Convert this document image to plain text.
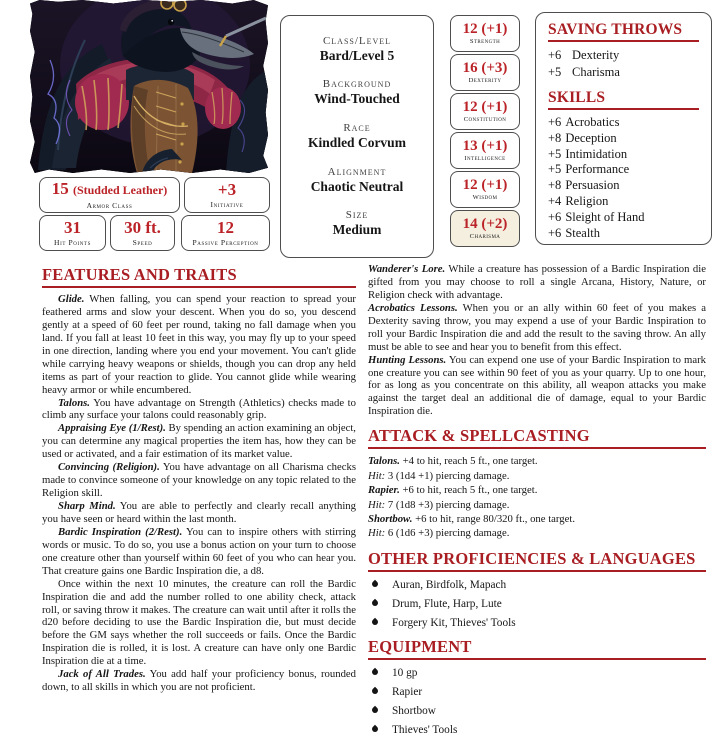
15 (Studded Leather)
Armor Class
+3
Initiative
31
Hit Points
30 ft.
Speed
12
Passive Perception
Class/Level
Bard/Level 5
Background
Wind-Touched
Race
Kindled Corvum
Alignment
Chaotic Neutral
Size
Medium
12 (+1)
Strength
16 (+3)
Dexterity
12 (+1)
Constitution
13 (+1)
Intelligence
12 (+1)
Wisdom
14 (+2)
Charisma
SAVING THROWS
+6 Dexterity
+5 Charisma
SKILLS
+6 Acrobatics
+8 Deception
+5 Intimidation
+5 Performance
+8 Persuasion
+4 Religion
+6 Sleight of Hand
+6 Stealth
FEATURES AND TRAITS

Glide. When falling, you can spend your reaction to spread your feathered arms and slow your descent. When you do so, you descend gently at a speed of 60 feet per round, taking no fall damage when you land. If you fall at least 10 feet in this way, you may fly up to your speed in one direction, landing where you end your movement. You can't glide while carrying heavy weapons or shields, though you can drop any held items as part of your reaction to glide. You cannot glide while wearing heavy armor or while encumbered.

Talons. You have advantage on Strength (Athletics) checks made to climb any surface your talons could reasonably grip.

Appraising Eye (1/Rest). By spending an action examining an object, you can determine any magical properties the item has, how they can be used or activated, and a fair estimation of its market value.

Convincing (Religion). You have advantage on all Charisma checks made to convince someone of your knowledge on any topic related to the Religion skill.

Sharp Mind. You are able to perfectly and clearly recall anything you have seen or heard within the last month.

Bardic Inspiration (2/Rest). You can to inspire others with stirring words or music. To do so, you use a bonus action on your turn to choose one creature other than yourself within 60 feet of you who can hear you. That creature gains one Bardic Inspiration die, a d8.

Once within the next 10 minutes, the creature can roll the Bardic Inspiration die and add the number rolled to one ability check, attack roll, or saving throw it makes. The creature can wait until after it rolls the d20 before deciding to use the Bardic Inspiration die, but must decide before the GM says whether the roll succeeds or fails. Once the Bardic Inspiration die is rolled, it is lost. A creature can have only one Bardic Inspiration die at a time.

Jack of All Trades. You add half your proficiency bonus, rounded down, to all skills in which you are not proficient.

Wanderer's Lore. While a creature has possession of a Bardic Inspiration die gifted from you may choose to roll a single Arcana, History, Nature, or Religion check with advantage.

Acrobatics Lessons. When you or an ally within 60 feet of you makes a Dexterity saving throw, you may expend a use of your Bardic Inspiration to roll your Bardic Inspiration die and add the result to the saving throw. An ally must be able to see and hear you to benefit from this effect.

Hunting Lessons. You can expend one use of your Bardic Inspiration to mark one creature you can see within 90 feet of you as your quarry. Up to one hour, for as long as you concentrate on this ability, all weapon attacks you make against the target deal an additional die of damage, equal to your Bardic Inspiration die.

ATTACK & SPELLCASTING

Talons. +4 to hit, reach 5 ft., one target.

Hit: 3 (1d4 +1) piercing damage.

Rapier. +6 to hit, reach 5 ft., one target.

Hit: 7 (1d8 +3) piercing damage.

Shortbow. +6 to hit, range 80/320 ft., one target.

Hit: 6 (1d6 +3) piercing damage.

OTHER PROFICIENCIES & LANGUAGES
Auran, Birdfolk, Mapach
Drum, Flute, Harp, Lute
Forgery Kit, Thieves' Tools
EQUIPMENT
10 gp
Rapier
Shortbow
Thieves' Tools
